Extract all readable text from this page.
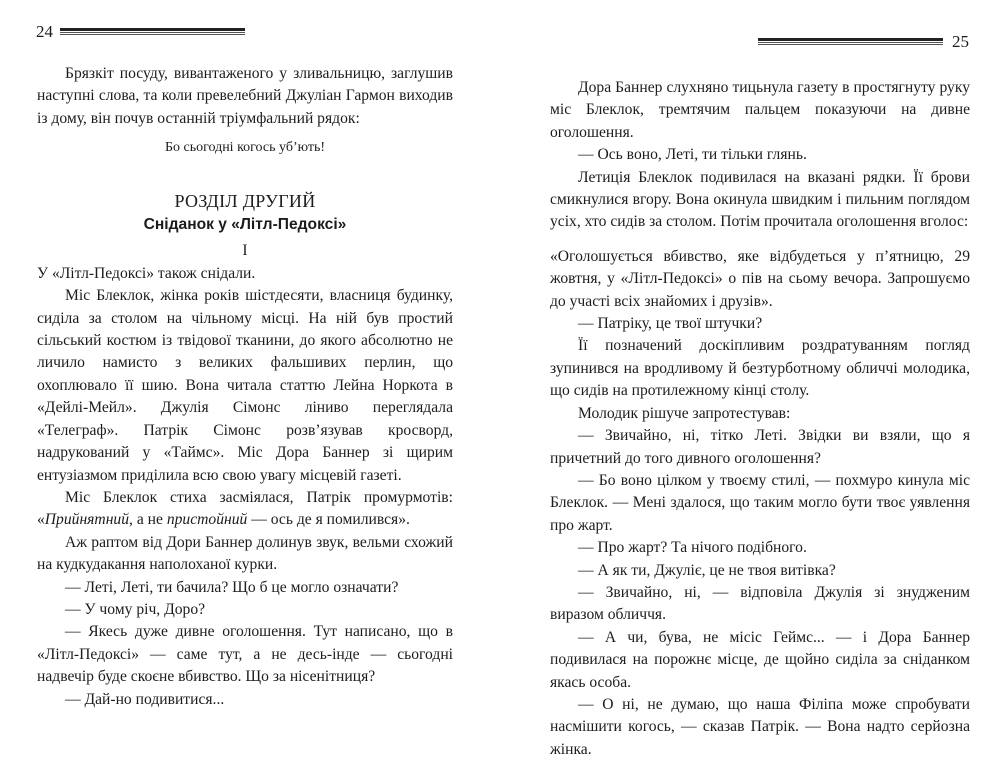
24

Брязкіт посуду, вивантаженого у зливальницю, заглушив наступні слова, та коли превелебний Джуліан Гармон виходив із дому, він почув останній тріумфальний рядок:

Бо сьогодні когось уб’ють!

РОЗДІЛ ДРУГИЙ

Сніданок у «Літл-Педоксі»

I

У «Літл-Педоксі» також снідали.

Міс Блеклок, жінка років шістдесяти, власниця будинку, сиділа за столом на чільному місці. На ній був простий сільський костюм із твідової тканини, до якого абсолютно не личило намисто з великих фальшивих перлин, що охоплювало її шию. Вона читала статтю Лейна Норкота в «Дейлі-Мейл». Джулія Сімонс ліниво переглядала «Телеграф». Патрік Сімонс розв’язував кросворд, надрукований у «Таймс». Міс Дора Баннер зі щирим ентузіазмом приділила всю свою увагу місцевій газеті.

Міс Блеклок стиха засміялася, Патрік промурмотів: «Прийнятний, а не пристойний — ось де я помилився».

Аж раптом від Дори Баннер долинув звук, вельми схожий на кудкудакання наполоханої курки.

— Леті, Леті, ти бачила? Що б це могло означати?

— У чому річ, Доро?

— Якесь дуже дивне оголошення. Тут написано, що в «Літл-Педоксі» — саме тут, а не десь-інде — сьогодні надвечір буде скоєне вбивство. Що за нісенітниця?

— Дай-но подивитися...

25

Дора Баннер слухняно тицьнула газету в простягнуту руку міс Блеклок, тремтячим пальцем показуючи на дивне оголошення.

— Ось воно, Леті, ти тільки глянь.

Летиція Блеклок подивилася на вказані рядки. Її брови смикнулися вгору. Вона окинула швидким і пильним поглядом усіх, хто сидів за столом. Потім прочитала оголошення вголос:

«Оголошується вбивство, яке відбудеться у п’ятницю, 29 жовтня, у «Літл-Педоксі» о пів на сьому вечора. Запрошуємо до участі всіх знайомих і друзів».

— Патріку, це твої штучки?

Її позначений доскіпливим роздратуванням погляд зупинився на вродливому й безтурботному обличчі молодика, що сидів на протилежному кінці столу.

Молодик рішуче запротестував:

— Звичайно, ні, тітко Леті. Звідки ви взяли, що я причетний до того дивного оголошення?

— Бо воно цілком у твоєму стилі, — похмуро кинула міс Блеклок. — Мені здалося, що таким могло бути твоє уявлення про жарт.

— Про жарт? Та нічого подібного.

— А як ти, Джуліє, це не твоя витівка?

— Звичайно, ні, — відповіла Джулія зі знудженим виразом обличчя.

— А чи, бува, не місіс Геймс... — і Дора Баннер подивилася на порожнє місце, де щойно сиділа за сніданком якась особа.

— О ні, не думаю, що наша Філіпа може спробувати насмішити когось, — сказав Патрік. — Вона надто серйозна жінка.
